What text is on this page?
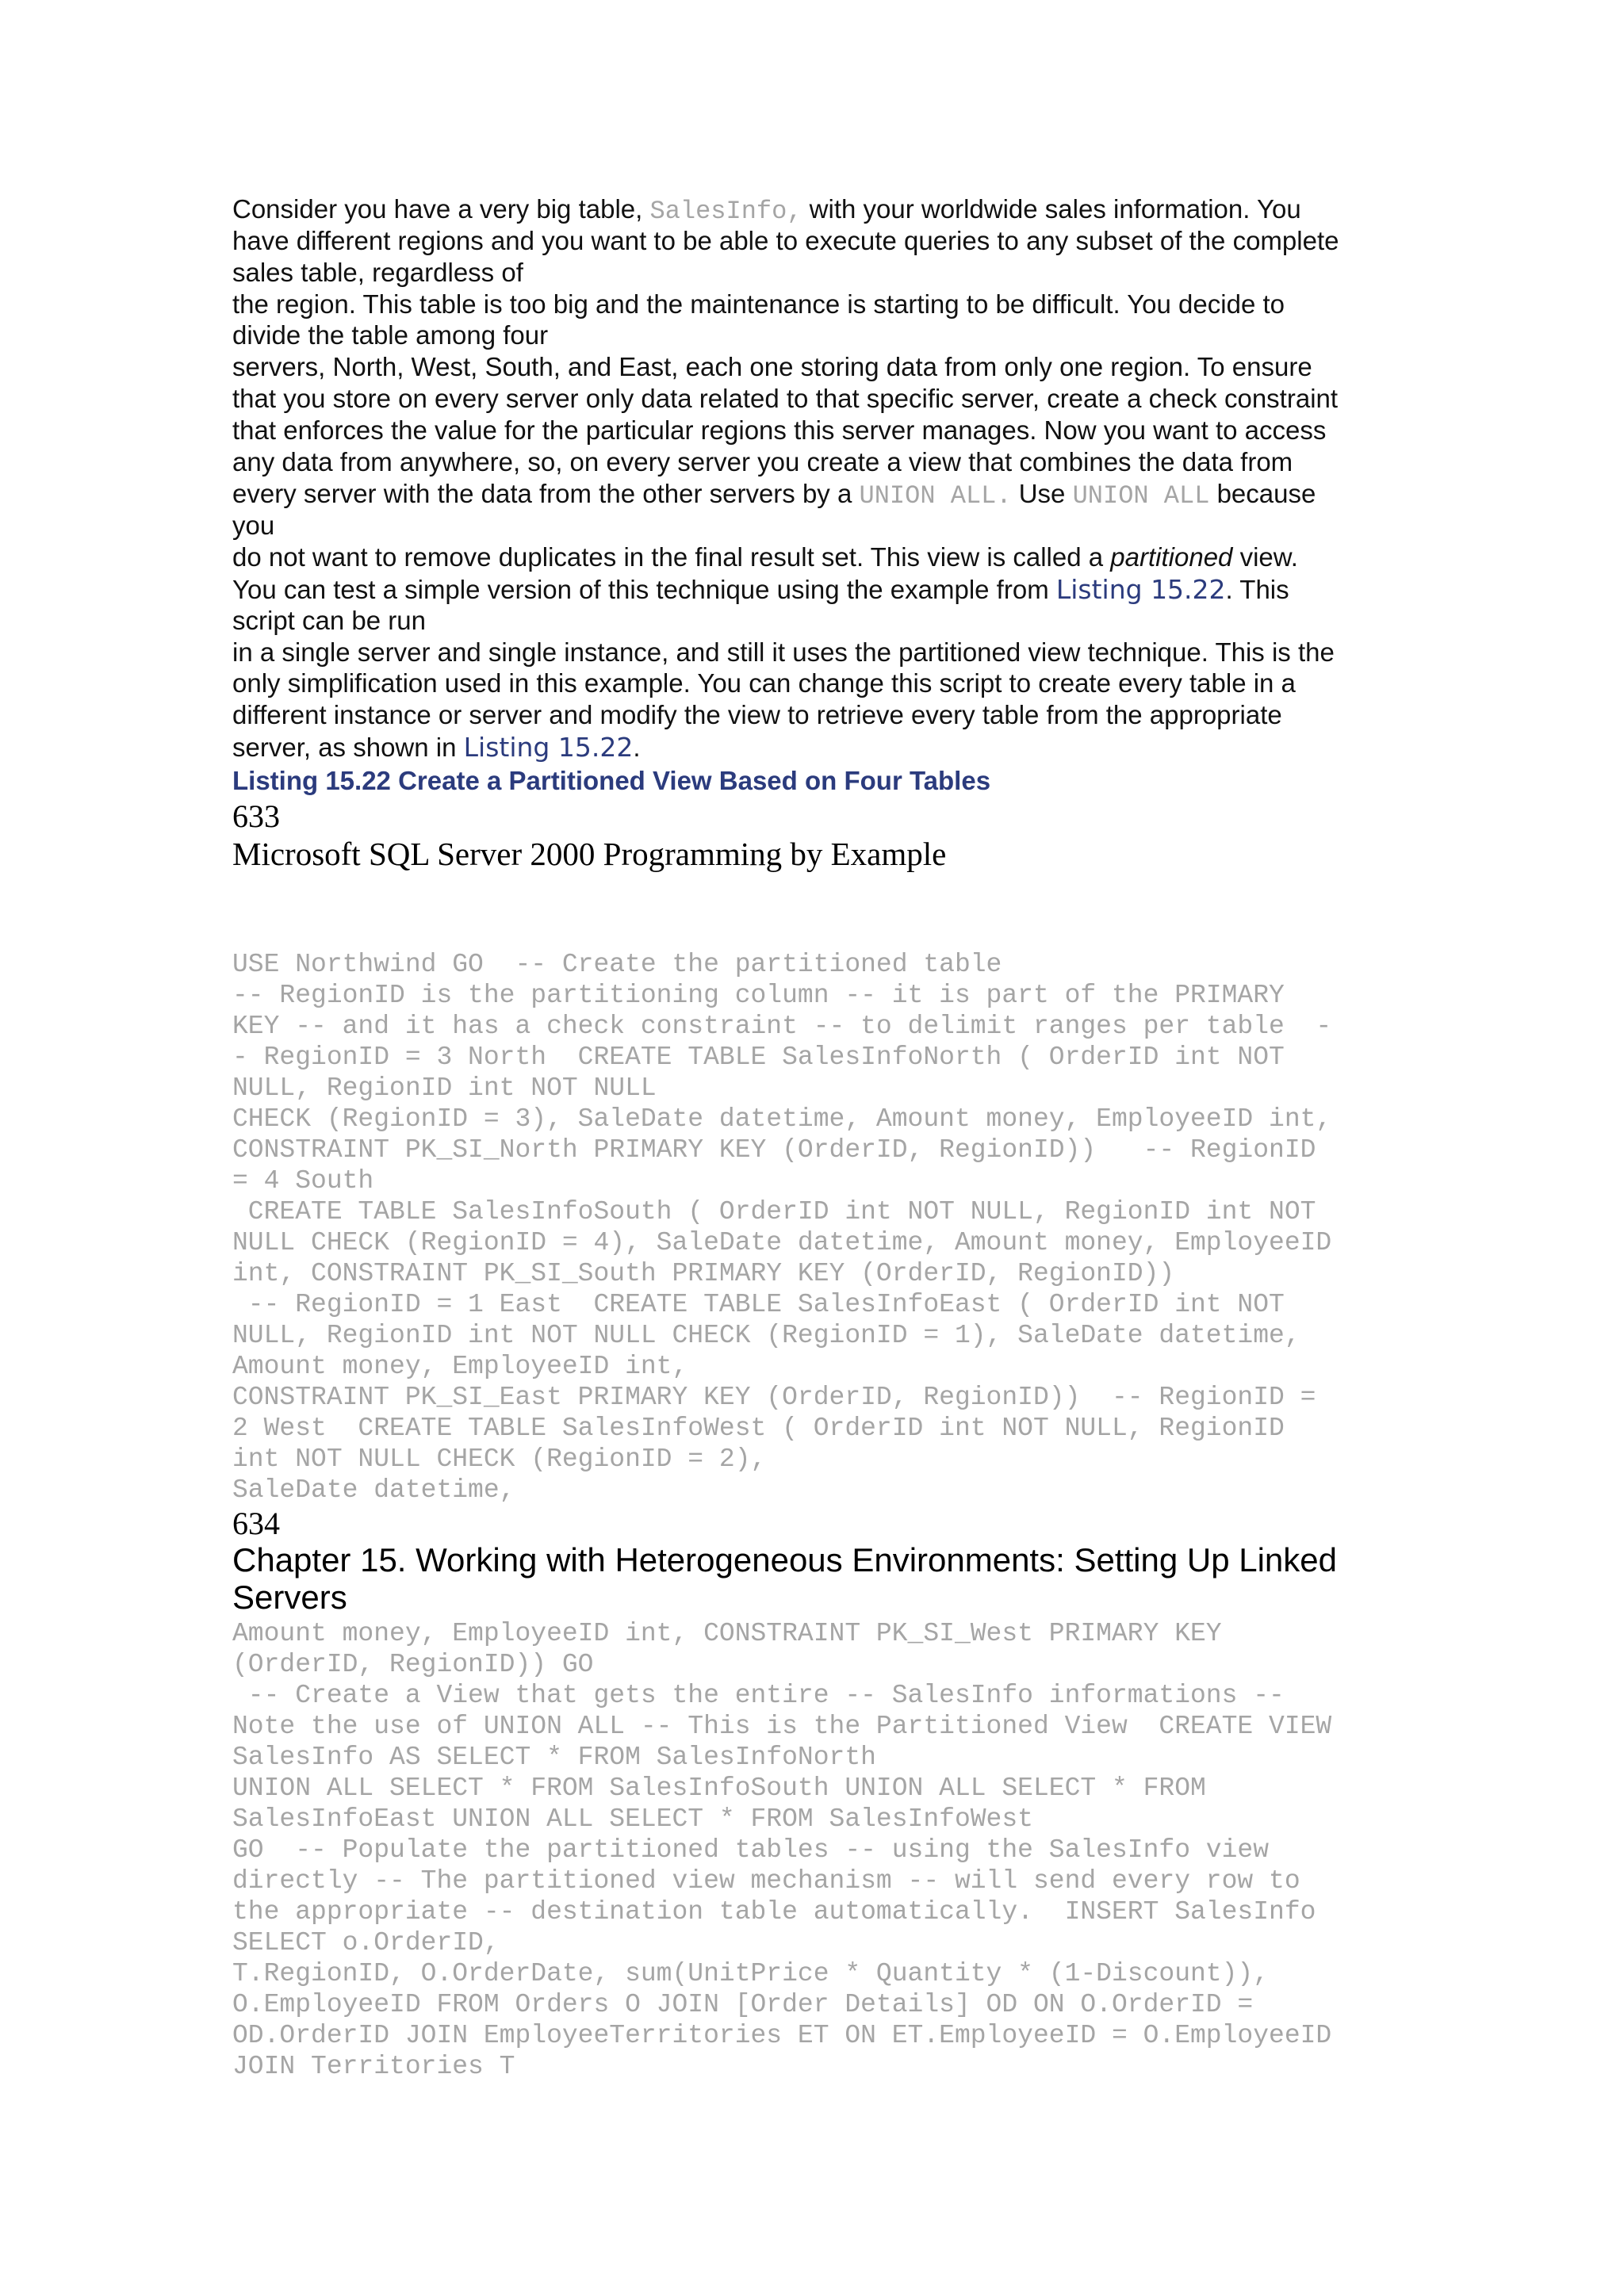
Consider you have a very big table, SalesInfo, with your worldwide sales information. You

have different regions and you want to be able to execute queries to any subset of the complete

sales table, regardless of

the region. This table is too big and the maintenance is starting to be difficult. You decide to

divide the table among four

servers, North, West, South, and East, each one storing data from only one region. To ensure

that you store on every server only data related to that specific server, create a check constraint

that enforces the value for the particular regions this server manages. Now you want to access

any data from anywhere, so, on every server you create a view that combines the data from

every server with the data from the other servers by a UNION ALL. Use UNION ALL because

you

do not want to remove duplicates in the final result set. This view is called a partitioned view.

You can test a simple version of this technique using the example from Listing 15.22. This

script can be run

in a single server and single instance, and still it uses the partitioned view technique. This is the

only simplification used in this example. You can change this script to create every table in a

different instance or server and modify the view to retrieve every table from the appropriate

server, as shown in Listing 15.22.

Listing 15.22 Create a Partitioned View Based on Four Tables

633

Microsoft SQL Server 2000 Programming by Example

USE Northwind GO  -- Create the partitioned table

-- RegionID is the partitioning column -- it is part of the PRIMARY

KEY -- and it has a check constraint -- to delimit ranges per table  -

- RegionID = 3 North  CREATE TABLE SalesInfoNorth ( OrderID int NOT

NULL, RegionID int NOT NULL

CHECK (RegionID = 3), SaleDate datetime, Amount money, EmployeeID int,

CONSTRAINT PK_SI_North PRIMARY KEY (OrderID, RegionID))   -- RegionID

= 4 South

CREATE TABLE SalesInfoSouth ( OrderID int NOT NULL, RegionID int NOT

NULL CHECK (RegionID = 4), SaleDate datetime, Amount money, EmployeeID

int, CONSTRAINT PK_SI_South PRIMARY KEY (OrderID, RegionID))

-- RegionID = 1 East  CREATE TABLE SalesInfoEast ( OrderID int NOT

NULL, RegionID int NOT NULL CHECK (RegionID = 1), SaleDate datetime,

Amount money, EmployeeID int,

CONSTRAINT PK_SI_East PRIMARY KEY (OrderID, RegionID))  -- RegionID =

2 West  CREATE TABLE SalesInfoWest ( OrderID int NOT NULL, RegionID

int NOT NULL CHECK (RegionID = 2),

SaleDate datetime,

634

Chapter 15. Working with Heterogeneous Environments: Setting Up Linked

Servers

Amount money, EmployeeID int, CONSTRAINT PK_SI_West PRIMARY KEY

(OrderID, RegionID)) GO

-- Create a View that gets the entire -- SalesInfo informations --

Note the use of UNION ALL -- This is the Partitioned View  CREATE VIEW

SalesInfo AS SELECT * FROM SalesInfoNorth

UNION ALL SELECT * FROM SalesInfoSouth UNION ALL SELECT * FROM

SalesInfoEast UNION ALL SELECT * FROM SalesInfoWest

GO  -- Populate the partitioned tables -- using the SalesInfo view

directly -- The partitioned view mechanism -- will send every row to

the appropriate -- destination table automatically.  INSERT SalesInfo

SELECT o.OrderID,

T.RegionID, O.OrderDate, sum(UnitPrice * Quantity * (1-Discount)),

O.EmployeeID FROM Orders O JOIN [Order Details] OD ON O.OrderID =

OD.OrderID JOIN EmployeeTerritories ET ON ET.EmployeeID = O.EmployeeID

JOIN Territories T
